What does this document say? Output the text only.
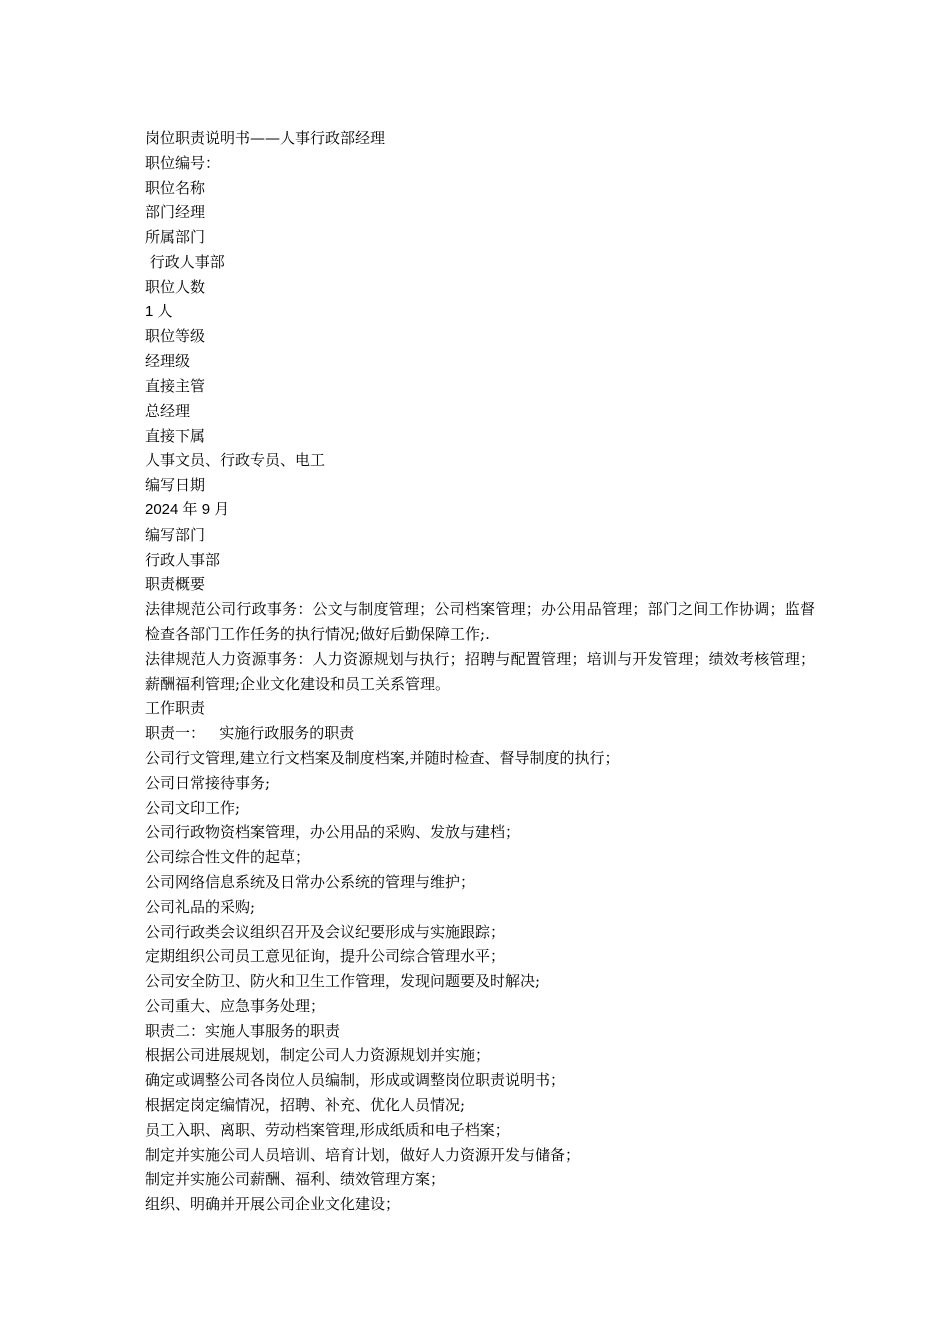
岗位职责说明书——人事行政部经理

职位编号：

职位名称

部门经理

所属部门

行政人事部

职位人数

1 人

职位等级

经理级

直接主管

总经理

直接下属

人事文员、行政专员、电工

编写日期

2024 年 9 月

编写部门

行政人事部

职责概要

法律规范公司行政事务：公文与制度管理；公司档案管理；办公用品管理；部门之间工作协调；监督检查各部门工作任务的执行情况;做好后勤保障工作;.

法律规范人力资源事务：人力资源规划与执行；招聘与配置管理；培训与开发管理；绩效考核管理；薪酬福利管理;企业文化建设和员工关系管理。

工作职责

职责一：   实施行政服务的职责

公司行文管理,建立行文档案及制度档案,并随时检查、督导制度的执行；

公司日常接待事务;

公司文印工作;

公司行政物资档案管理，办公用品的采购、发放与建档；

公司综合性文件的起草；

公司网络信息系统及日常办公系统的管理与维护；

公司礼品的采购;

公司行政类会议组织召开及会议纪要形成与实施跟踪；

定期组织公司员工意见征询，提升公司综合管理水平；

公司安全防卫、防火和卫生工作管理，发现问题要及时解决;

公司重大、应急事务处理；

职责二：实施人事服务的职责

根据公司进展规划，制定公司人力资源规划并实施；

确定或调整公司各岗位人员编制，形成或调整岗位职责说明书；

根据定岗定编情况，招聘、补充、优化人员情况;

员工入职、离职、劳动档案管理,形成纸质和电子档案；

制定并实施公司人员培训、培育计划，做好人力资源开发与储备；

制定并实施公司薪酬、福利、绩效管理方案；

组织、明确并开展公司企业文化建设；
